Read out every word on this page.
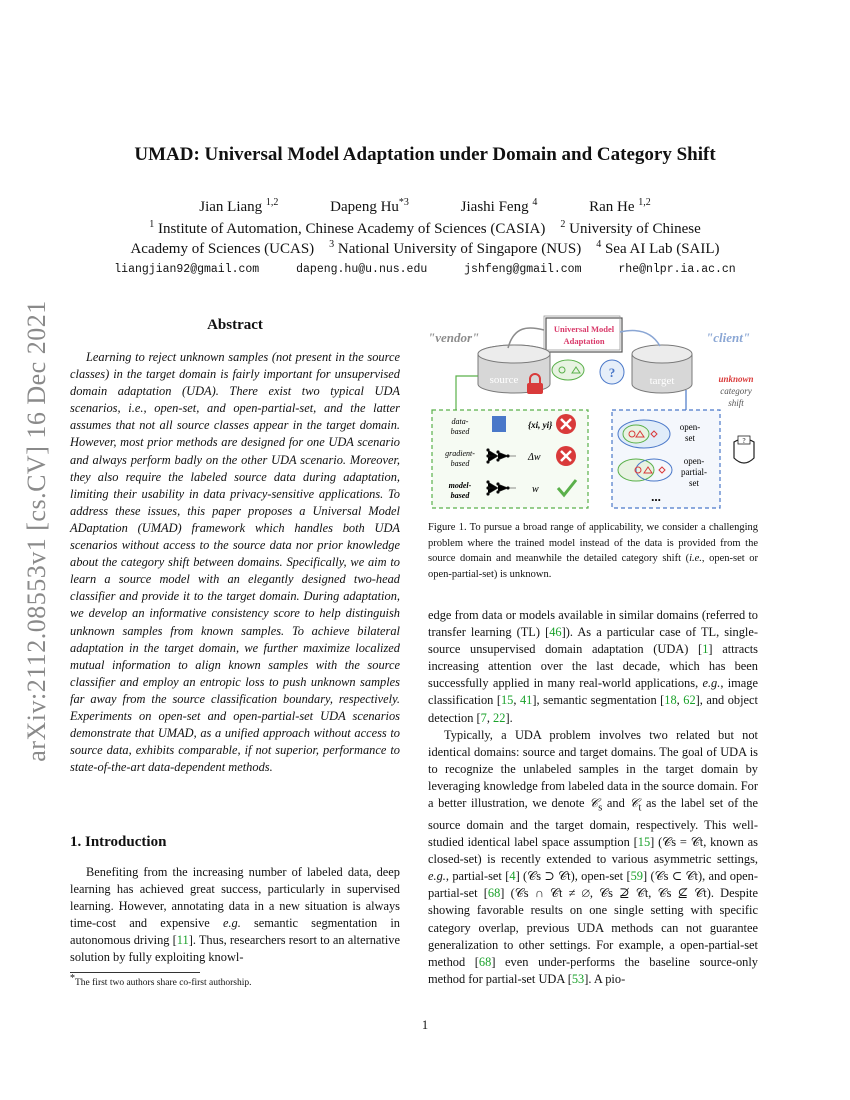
arXiv:2112.08553v1 [cs.CV] 16 Dec 2021
UMAD: Universal Model Adaptation under Domain and Category Shift
Jian Liang $^{1,2}$	Dapeng Hu$^{*3}$	Jiashi Feng $^4$	Ran He $^{1,2}$
$^1$ Institute of Automation, Chinese Academy of Sciences (CASIA) $^2$ University of Chinese
Academy of Sciences (UCAS) $^3$ National University of Singapore (NUS) $^4$ Sea AI Lab (SAIL)
liangjian92@gmail.com	dapeng.hu@u.nus.edu	jshfeng@gmail.com	rhe@nlpr.ia.ac.cn
Abstract

Learning to reject unknown samples (not present in the source classes) in the target domain is fairly important for unsupervised domain adaptation (UDA). There exist two typical UDA scenarios, i.e., open-set, and open-partial-set, and the latter assumes that not all source classes appear in the target domain. However, most prior methods are designed for one UDA scenario and always perform badly on the other UDA scenario. Moreover, they also require the labeled source data during adaptation, limiting their usability in data privacy-sensitive applications. To address these issues, this paper proposes a Universal Model ADaptation (UMAD) framework which handles both UDA scenarios without access to the source data nor prior knowledge about the category shift between domains. Specifically, we aim to learn a source model with an elegantly designed two-head classifier and provide it to the target domain. During adaptation, we develop an informative consistency score to help distinguish unknown samples from known samples. To achieve bilateral adaptation in the target domain, we further maximize localized mutual information to align known samples with the source classifier and employ an entropic loss to push unknown samples far away from the source classification boundary, respectively. Experiments on open-set and open-partial-set UDA scenarios demonstrate that UMAD, as a unified approach without access to source data, exhibits comparable, if not superior, performance to state-of-the-art data-dependent methods.

1. Introduction

Benefiting from the increasing number of labeled data, deep learning has achieved great success, particularly in supervised learning. However, annotating data in a new situation is always time-cost and expensive e.g. semantic segmentation in autonomous driving [11]. Thus, researchers resort to an alternative solution by fully exploiting knowl-

*The first two authors share co-first authorship.
"vendor"	"client"
Universal Model
Adaptation
source	target
?	unknown
category
shift
data-
based
gradient-
based
model-
based
{xi, yi}
Δw
w
open-
set
open-
partial-
set
...
?

Figure 1. To pursue a broad range of applicability, we consider a challenging problem where the trained model instead of the data is provided from the source domain and meanwhile the detailed category shift (i.e., open-set or open-partial-set) is unknown.

edge from data or models available in similar domains (referred to transfer learning (TL) [46]). As a particular case of TL, single-source unsupervised domain adaptation (UDA) [1] attracts increasing attention over the last decade, which has been successfully applied in many real-world applications, e.g., image classification [15, 41], semantic segmentation [18, 62], and object detection [7, 22].

Typically, a UDA problem involves two related but not identical domains: source and target domains. The goal of UDA is to recognize the unlabeled samples in the target domain by leveraging knowledge from labeled data in the source domain. For a better illustration, we denote 𝒞$_s$ and 𝒞$_t$ as the label set of the source domain and the target domain, respectively. This well-studied identical label space assumption [15] (𝒞s = 𝒞t, known as closed-set) is recently extended to various asymmetric settings, e.g., partial-set [4] (𝒞s ⊃ 𝒞t), open-set [59] (𝒞s ⊂ 𝒞t), and open-partial-set [68] (𝒞s ∩ 𝒞t ≠ ∅, 𝒞s ⊉ 𝒞t, 𝒞s ⊈ 𝒞t). Despite showing favorable results on one single setting with specific category overlap, previous UDA methods can not guarantee generalization to other settings. For example, a open-partial-set method [68] even under-performs the baseline source-only method for partial-set UDA [53]. A pio-

1
